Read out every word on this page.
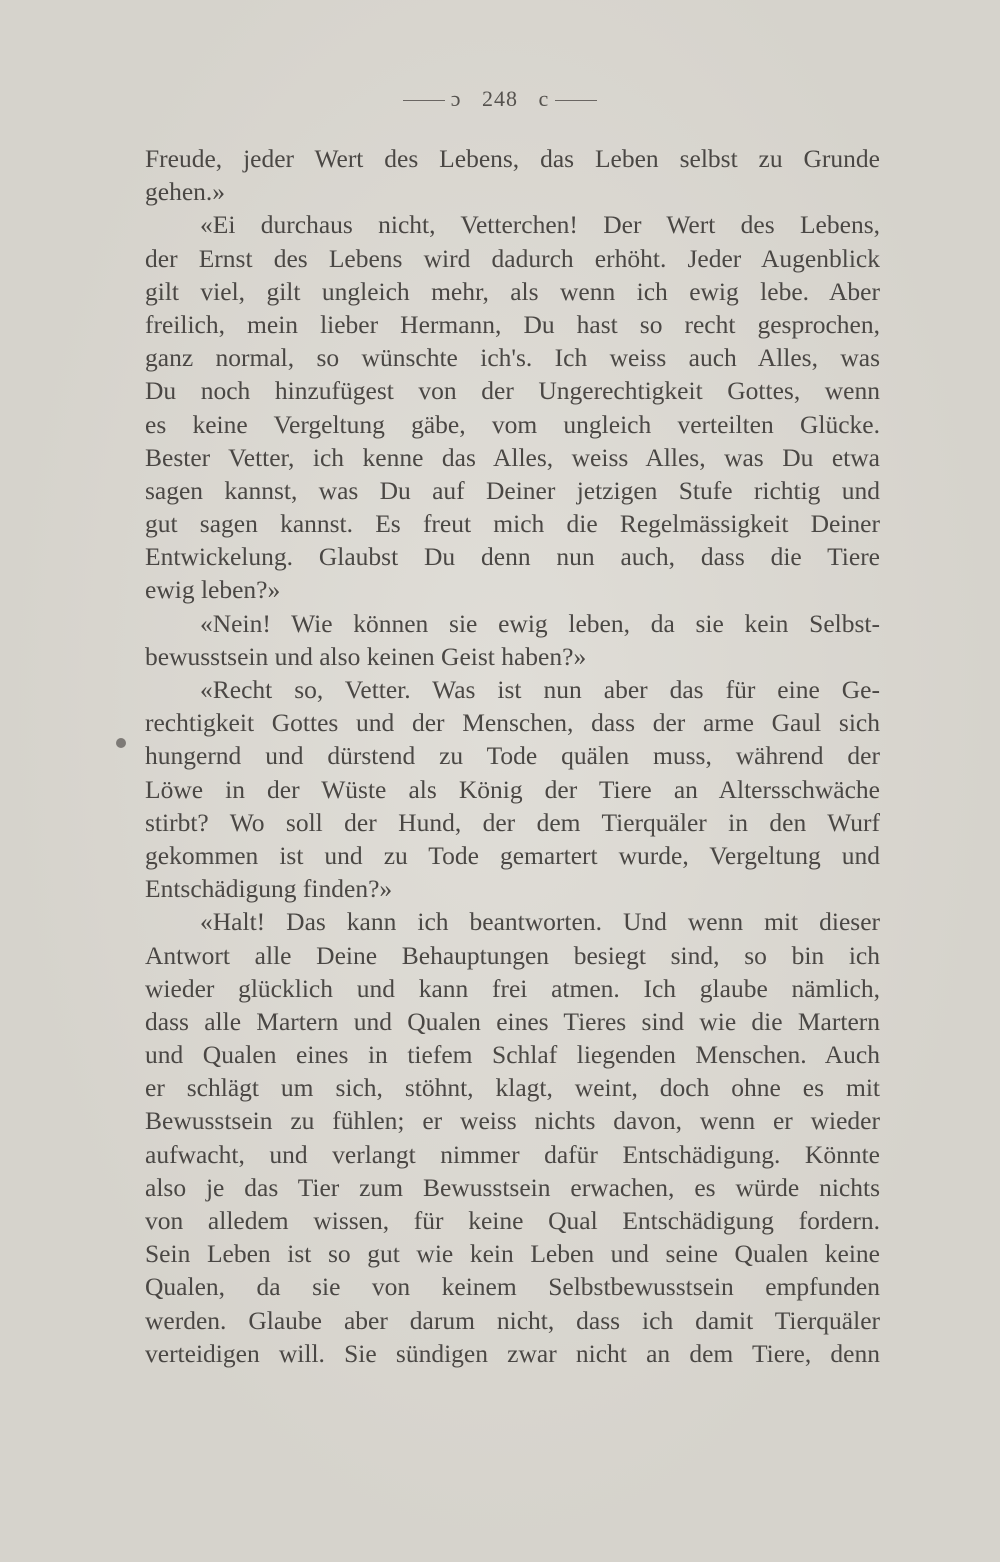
ɔ 248 c
Freude, jeder Wert des Lebens, das Leben selbst zu Grunde
gehen.»
«Ei durchaus nicht, Vetterchen! Der Wert des Lebens,
der Ernst des Lebens wird dadurch erhöht. Jeder Augenblick
gilt viel, gilt ungleich mehr, als wenn ich ewig lebe. Aber
freilich, mein lieber Hermann, Du hast so recht gesprochen,
ganz normal, so wünschte ich's. Ich weiss auch Alles, was
Du noch hinzufügest von der Ungerechtigkeit Gottes, wenn
es keine Vergeltung gäbe, vom ungleich verteilten Glücke.
Bester Vetter, ich kenne das Alles, weiss Alles, was Du etwa
sagen kannst, was Du auf Deiner jetzigen Stufe richtig und
gut sagen kannst. Es freut mich die Regelmässigkeit Deiner
Entwickelung. Glaubst Du denn nun auch, dass die Tiere
ewig leben?»
«Nein! Wie können sie ewig leben, da sie kein Selbst-
bewusstsein und also keinen Geist haben?»
«Recht so, Vetter. Was ist nun aber das für eine Ge-
rechtigkeit Gottes und der Menschen, dass der arme Gaul sich
hungernd und dürstend zu Tode quälen muss, während der
Löwe in der Wüste als König der Tiere an Altersschwäche
stirbt? Wo soll der Hund, der dem Tierquäler in den Wurf
gekommen ist und zu Tode gemartert wurde, Vergeltung und
Entschädigung finden?»
«Halt! Das kann ich beantworten. Und wenn mit dieser
Antwort alle Deine Behauptungen besiegt sind, so bin ich
wieder glücklich und kann frei atmen. Ich glaube nämlich,
dass alle Martern und Qualen eines Tieres sind wie die Martern
und Qualen eines in tiefem Schlaf liegenden Menschen. Auch
er schlägt um sich, stöhnt, klagt, weint, doch ohne es mit
Bewusstsein zu fühlen; er weiss nichts davon, wenn er wieder
aufwacht, und verlangt nimmer dafür Entschädigung. Könnte
also je das Tier zum Bewusstsein erwachen, es würde nichts
von alledem wissen, für keine Qual Entschädigung fordern.
Sein Leben ist so gut wie kein Leben und seine Qualen keine
Qualen, da sie von keinem Selbstbewusstsein empfunden
werden. Glaube aber darum nicht, dass ich damit Tierquäler
verteidigen will. Sie sündigen zwar nicht an dem Tiere, denn
